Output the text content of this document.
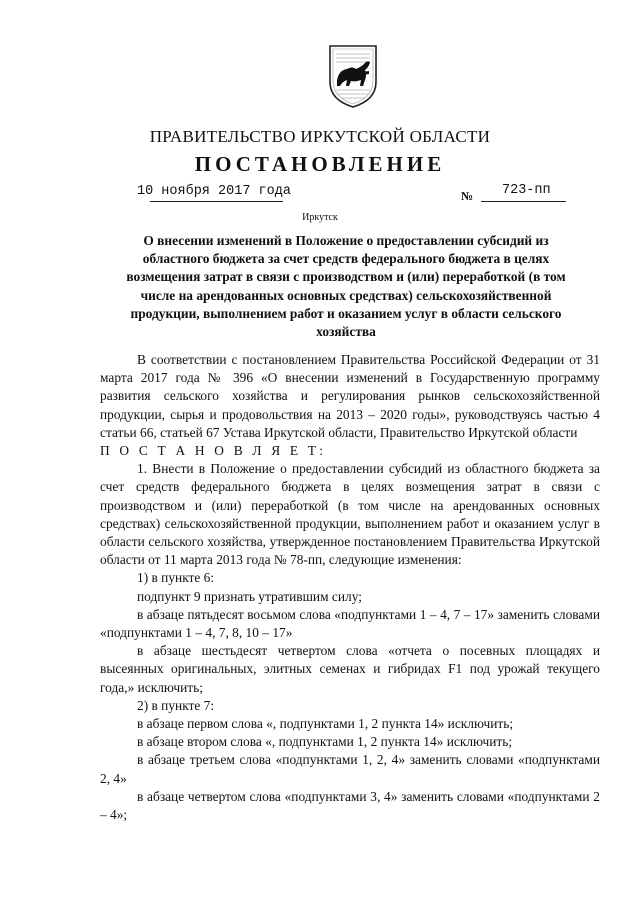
ПРАВИТЕЛЬСТВО ИРКУТСКОЙ ОБЛАСТИ
ПОСТАНОВЛЕНИЕ
10 ноября 2017 года	№ 723-пп
Иркутск
О внесении изменений в Положение о предоставлении субсидий из
областного бюджета за счет средств федерального бюджета в целях
возмещения затрат в связи с производством и (или) переработкой (в том
числе на арендованных основных средствах) сельскохозяйственной
продукции, выполнением работ и оказанием услуг в области сельского
хозяйства
В соответствии с постановлением Правительства Российской Федерации от 31 марта 2017 года № 396 «О внесении изменений в Государственную программу развития сельского хозяйства и регулирования рынков сельскохозяйственной продукции, сырья и продовольствия на 2013 – 2020 годы», руководствуясь частью 4 статьи 66, статьей 67 Устава Иркутской области, Правительство Иркутской области
П О С Т А Н О В Л Я Е Т:
1. Внести в Положение о предоставлении субсидий из областного бюджета за счет средств федерального бюджета в целях возмещения затрат в связи с производством и (или) переработкой (в том числе на арендованных основных средствах) сельскохозяйственной продукции, выполнением работ и оказанием услуг в области сельского хозяйства, утвержденное постановлением Правительства Иркутской области от 11 марта 2013 года № 78-пп, следующие изменения:
1) в пункте 6:
подпункт 9 признать утратившим силу;
в абзаце пятьдесят восьмом слова «подпунктами 1 – 4, 7 – 17» заменить словами «подпунктами 1 – 4, 7, 8, 10 – 17»
в абзаце шестьдесят четвертом слова «отчета о посевных площадях и высеянных оригинальных, элитных семенах и гибридах F1 под урожай текущего года,» исключить;
2) в пункте 7:
в абзаце первом слова «, подпунктами 1, 2 пункта 14» исключить;
в абзаце втором слова «, подпунктами 1, 2 пункта 14» исключить;
в абзаце третьем слова «подпунктами 1, 2, 4» заменить словами «подпунктами 2, 4»
в абзаце четвертом слова «подпунктами 3, 4» заменить словами «подпунктами 2 – 4»;
